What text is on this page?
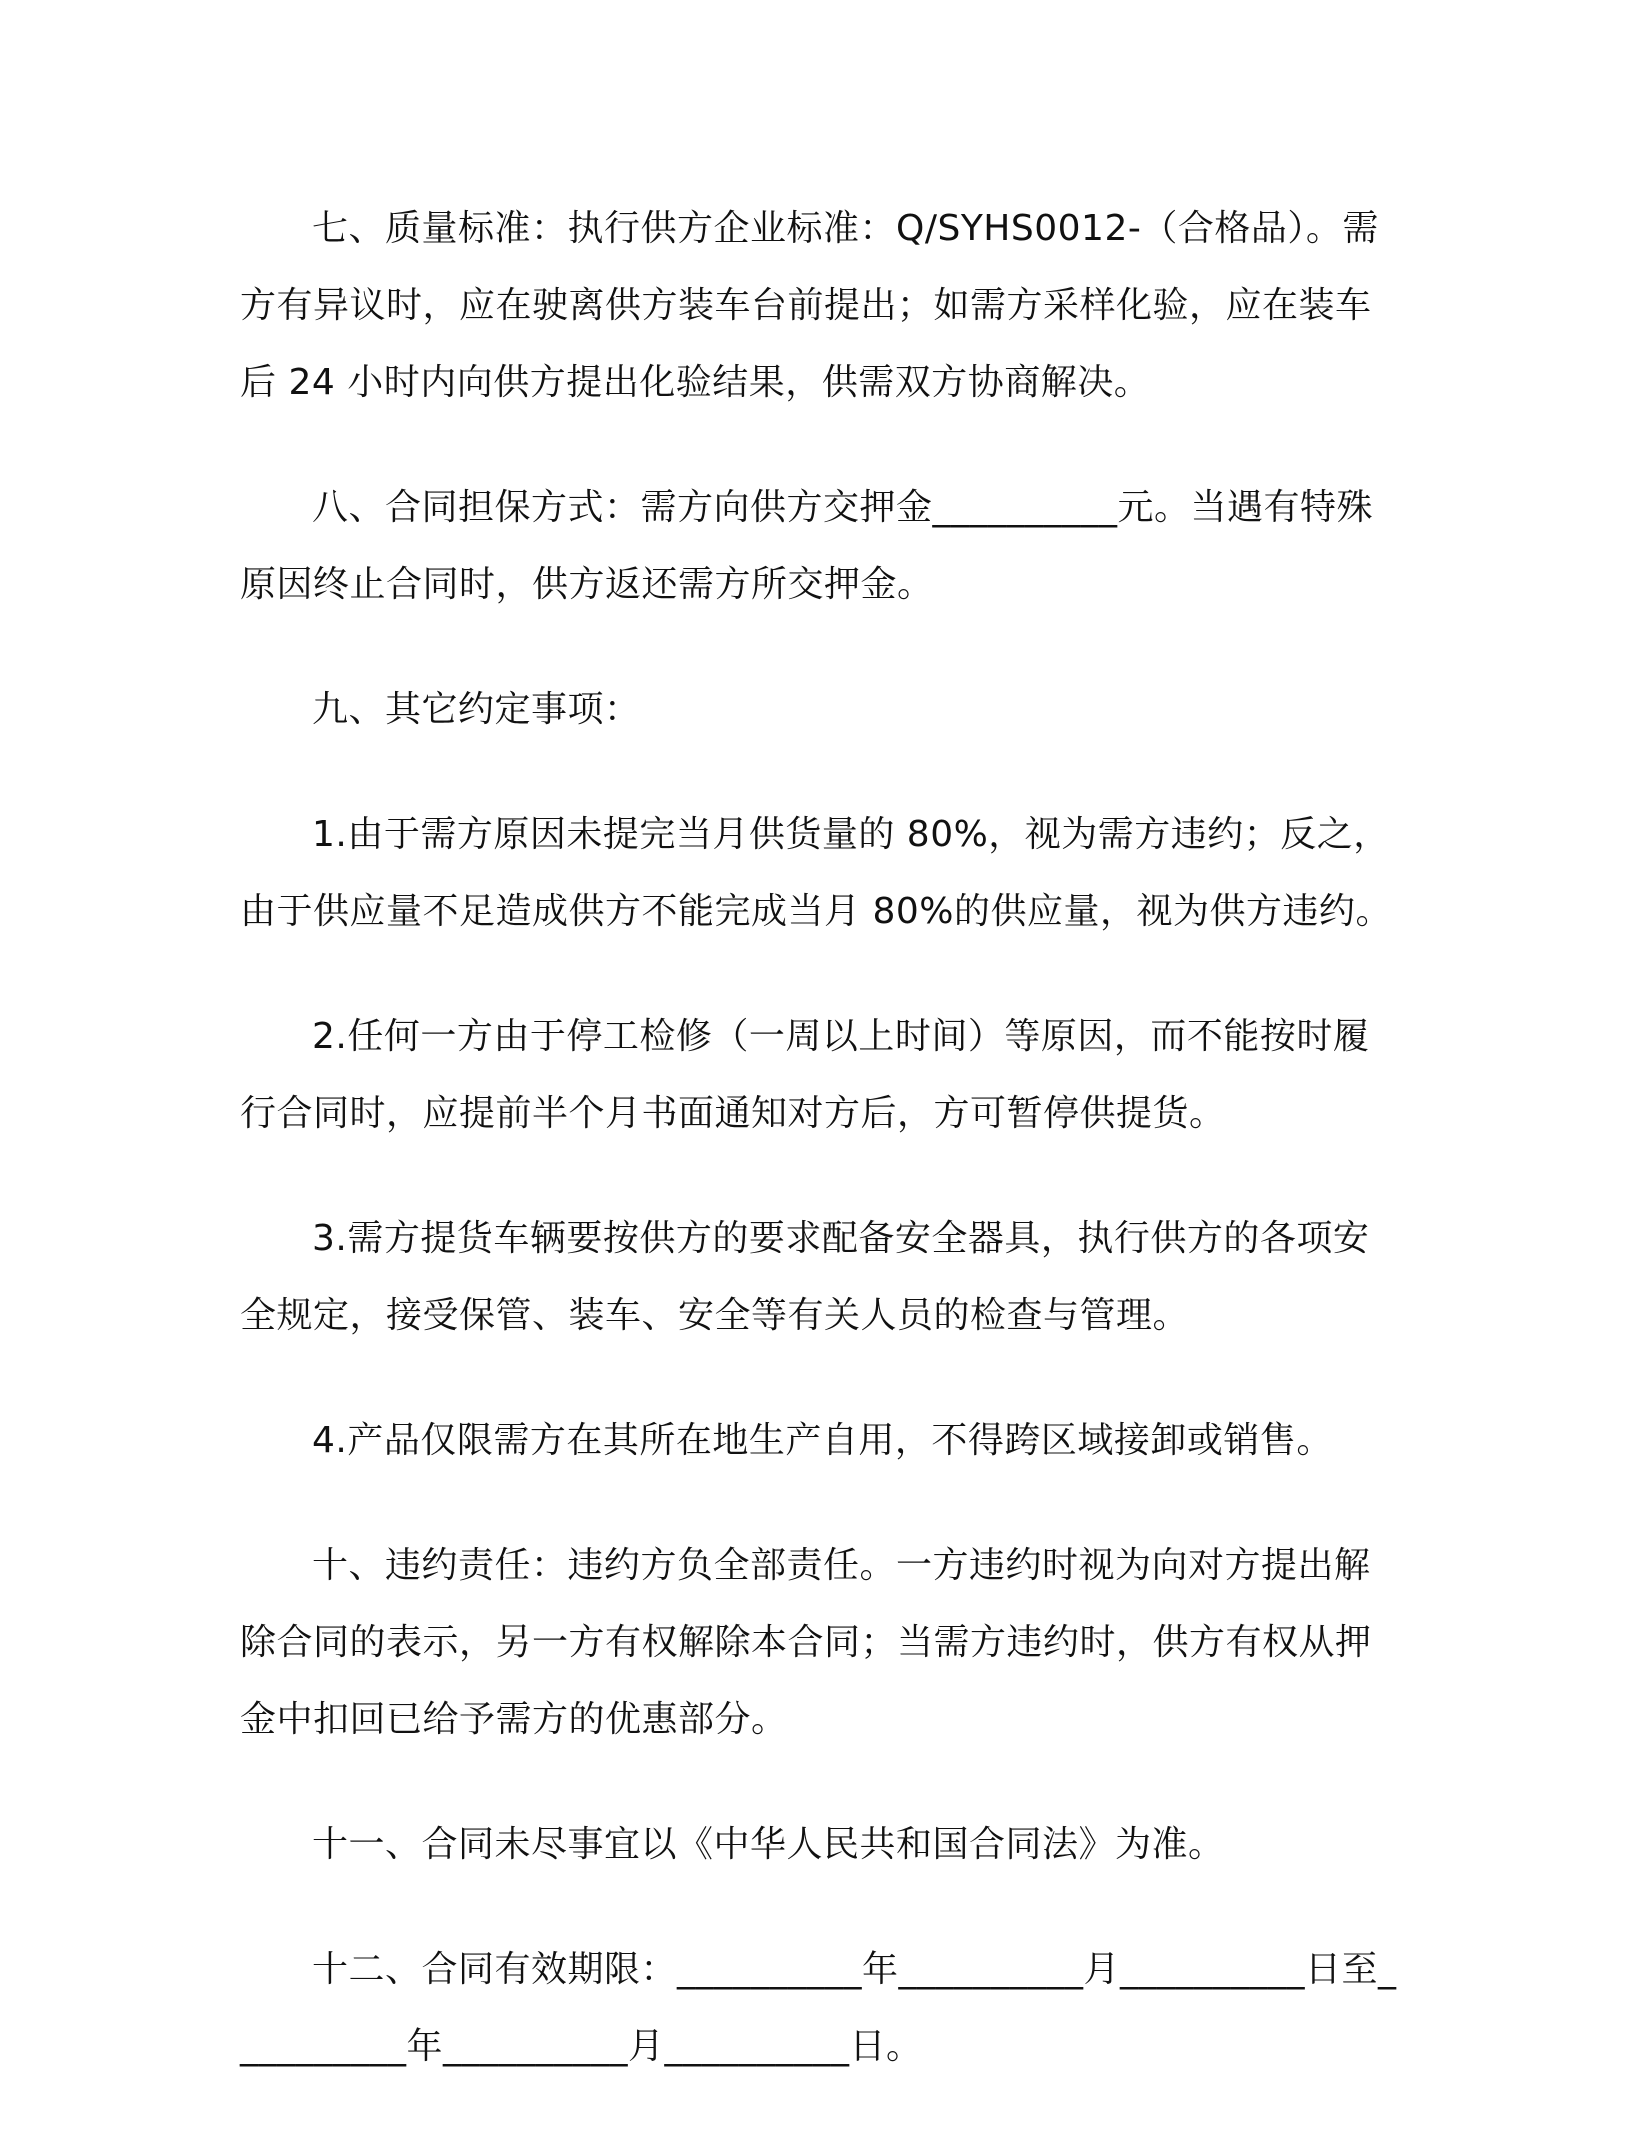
七、质量标准：执行供方企业标准：Q/SYHS0012-（合格品）。需方有异议时，应在驶离供方装车台前提出；如需方采样化验，应在装车后 24 小时内向供方提出化验结果，供需双方协商解决。

八、合同担保方式：需方向供方交押金__________元。当遇有特殊原因终止合同时，供方返还需方所交押金。

九、其它约定事项：

1.由于需方原因未提完当月供货量的 80%，视为需方违约；反之，由于供应量不足造成供方不能完成当月 80%的供应量，视为供方违约。

2.任何一方由于停工检修（一周以上时间）等原因，而不能按时履行合同时，应提前半个月书面通知对方后，方可暂停供提货。

3.需方提货车辆要按供方的要求配备安全器具，执行供方的各项安全规定，接受保管、装车、安全等有关人员的检查与管理。

4.产品仅限需方在其所在地生产自用，不得跨区域接卸或销售。

十、违约责任：违约方负全部责任。一方违约时视为向对方提出解除合同的表示，另一方有权解除本合同；当需方违约时，供方有权从押金中扣回已给予需方的优惠部分。

十一、合同未尽事宜以《中华人民共和国合同法》为准。

十二、合同有效期限：__________年__________月__________日至__________年__________月__________日。
